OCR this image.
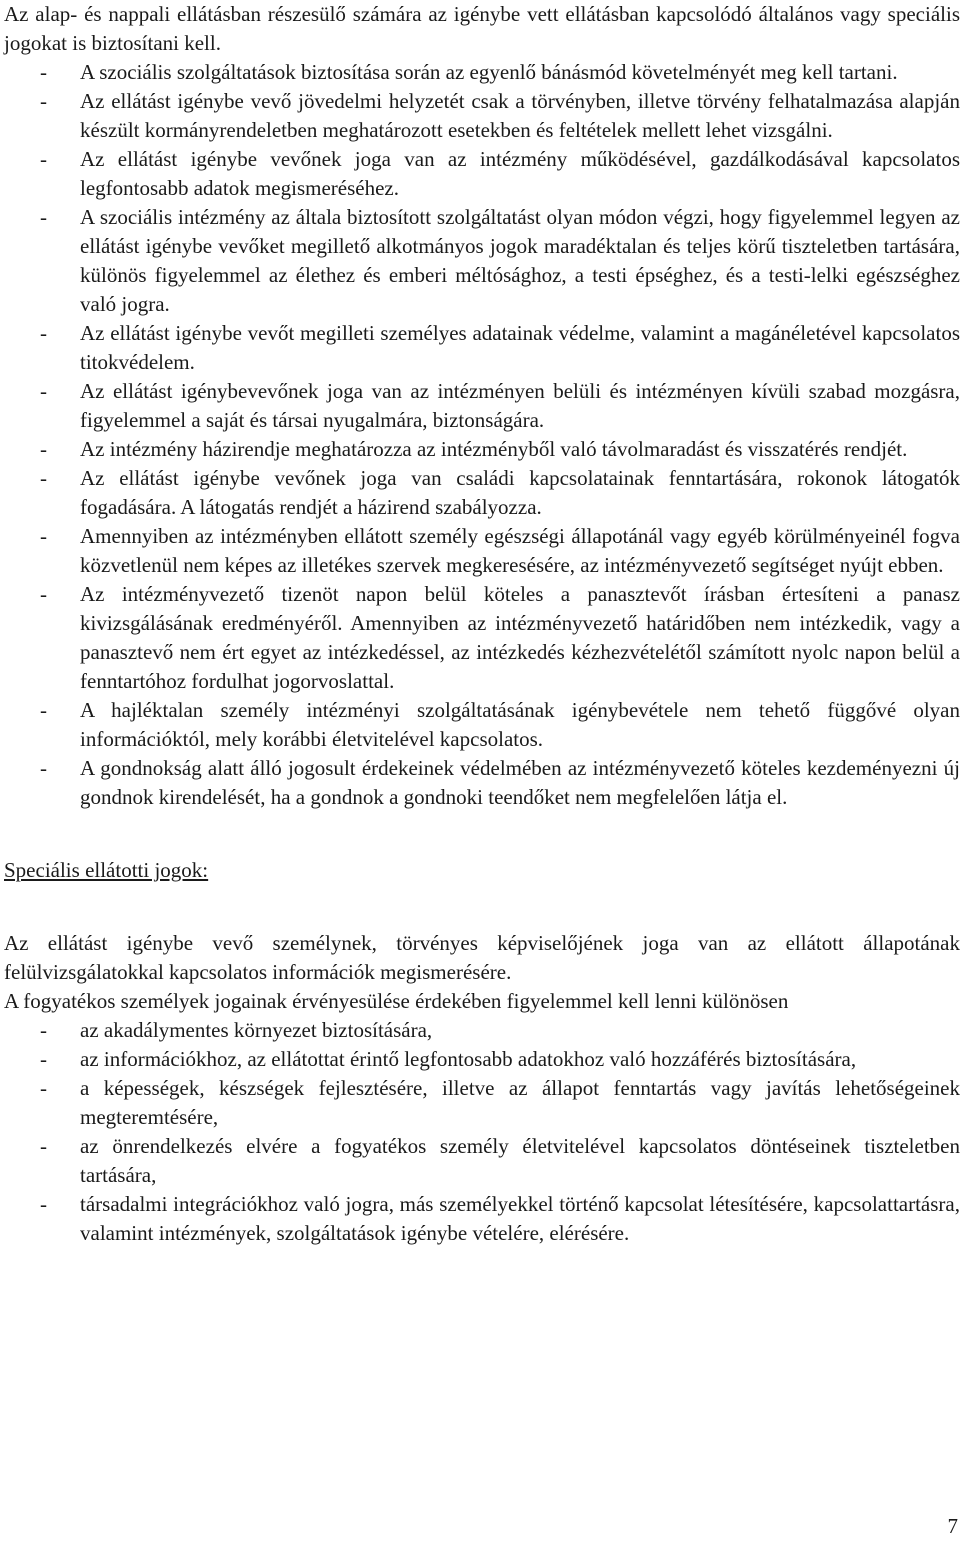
Az alap- és nappali ellátásban részesülő számára az igénybe vett ellátásban kapcsolódó általános vagy speciális jogokat is biztosítani kell.

- A szociális szolgáltatások biztosítása során az egyenlő bánásmód követelményét meg kell tartani.
- Az ellátást igénybe vevő jövedelmi helyzetét csak a törvényben, illetve törvény felhatalmazása alapján készült kormányrendeletben meghatározott esetekben és feltételek mellett lehet vizsgálni.
- Az ellátást igénybe vevőnek joga van az intézmény működésével, gazdálkodásával kapcsolatos legfontosabb adatok megismeréséhez.
- A szociális intézmény az általa biztosított szolgáltatást olyan módon végzi, hogy figyelemmel legyen az ellátást igénybe vevőket megillető alkotmányos jogok maradéktalan és teljes körű tiszteletben tartására, különös figyelemmel az élethez és emberi méltósághoz, a testi épséghez, és a testi-lelki egészséghez való jogra.
- Az ellátást igénybe vevőt megilleti személyes adatainak védelme, valamint a magánéletével kapcsolatos titokvédelem.
- Az ellátást igénybevevőnek joga van az intézményen belüli és intézményen kívüli szabad mozgásra, figyelemmel a saját és társai nyugalmára, biztonságára.
- Az intézmény házirendje meghatározza az intézményből való távolmaradást és visszatérés rendjét.
- Az ellátást igénybe vevőnek joga van családi kapcsolatainak fenntartására, rokonok látogatók fogadására. A látogatás rendjét a házirend szabályozza.
- Amennyiben az intézményben ellátott személy egészségi állapotánál vagy egyéb körülményeinél fogva közvetlenül nem képes az illetékes szervek megkeresésére, az intézményvezető segítséget nyújt ebben.
- Az intézményvezető tizenöt napon belül köteles a panasztevőt írásban értesíteni a panasz kivizsgálásának eredményéről. Amennyiben az intézményvezető határidőben nem intézkedik, vagy a panasztevő nem ért egyet az intézkedéssel, az intézkedés kézhezvételétől számított nyolc napon belül a fenntartóhoz fordulhat jogorvoslattal.
- A hajléktalan személy intézményi szolgáltatásának igénybevétele nem tehető függővé olyan információktól, mely korábbi életvitelével kapcsolatos.
- A gondnokság alatt álló jogosult érdekeinek védelmében az intézményvezető köteles kezdeményezni új gondnok kirendelését, ha a gondnok a gondnoki teendőket nem megfelelően látja el.

Speciális ellátotti jogok:

Az ellátást igénybe vevő személynek, törvényes képviselőjének joga van az ellátott állapotának felülvizsgálatokkal kapcsolatos információk megismerésére.

A fogyatékos személyek jogainak érvényesülése érdekében figyelemmel kell lenni különösen

- az akadálymentes környezet biztosítására,
- az információkhoz, az ellátottat érintő legfontosabb adatokhoz való hozzáférés biztosítására,
- a képességek, készségek fejlesztésére, illetve az állapot fenntartás vagy javítás lehetőségeinek megteremtésére,
- az önrendelkezés elvére a fogyatékos személy életvitelével kapcsolatos döntéseinek tiszteletben tartására,
- társadalmi integrációkhoz való jogra, más személyekkel történő kapcsolat létesítésére, kapcsolattartásra, valamint intézmények, szolgáltatások igénybe vételére, elérésére.
7
